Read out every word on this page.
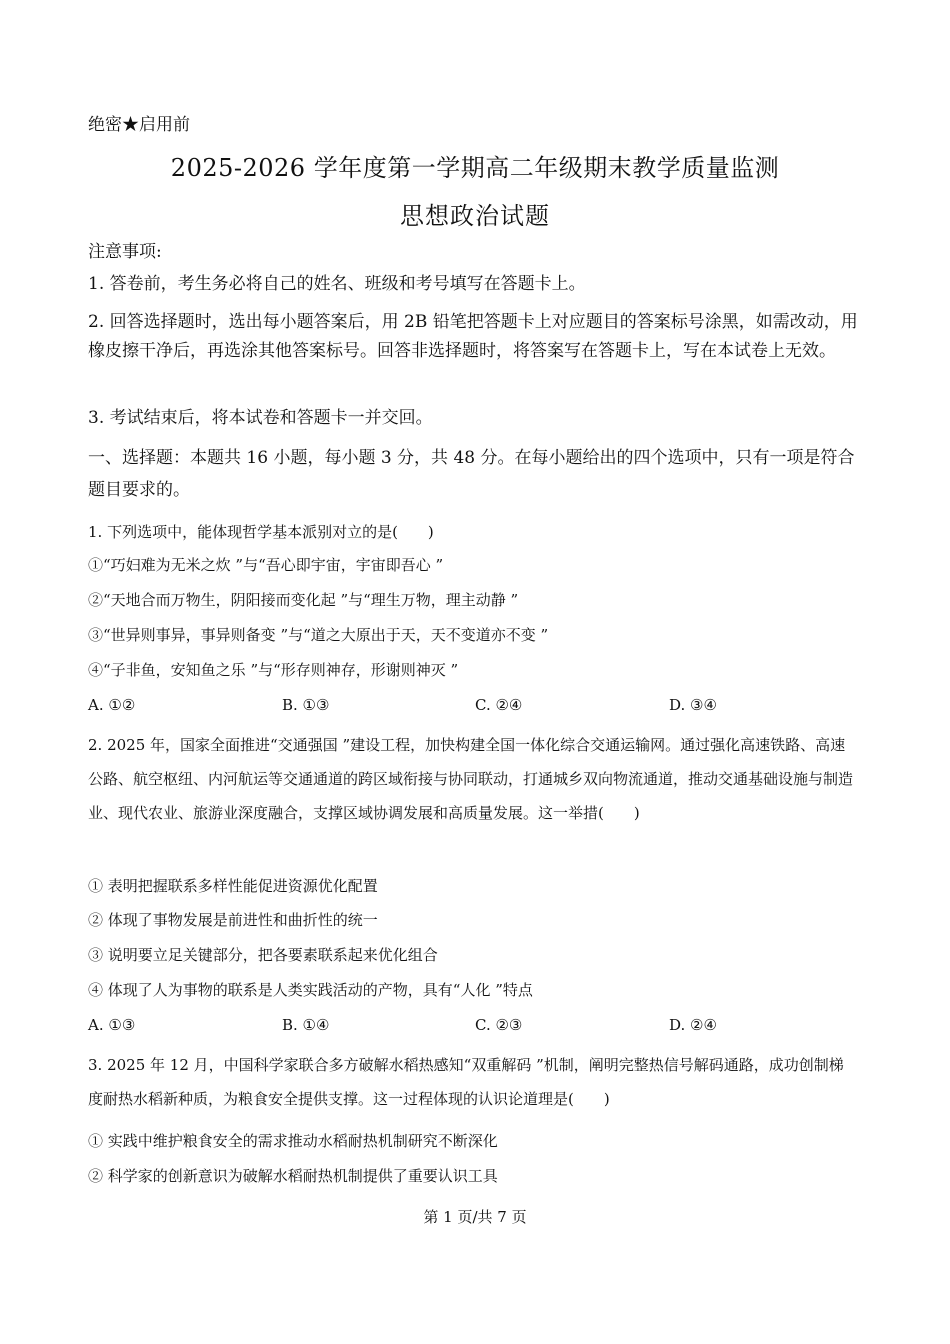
绝密★启用前
2025-2026 学年度第一学期高二年级期末教学质量监测
思想政治试题
注意事项:
1. 答卷前，考生务必将自己的姓名、班级和考号填写在答题卡上。
2. 回答选择题时，选出每小题答案后，用 2B 铅笔把答题卡上对应题目的答案标号涂黑，如需改动，用橡皮擦干净后，再选涂其他答案标号。回答非选择题时，将答案写在答题卡上，写在本试卷上无效。
3. 考试结束后，将本试卷和答题卡一并交回。
一、选择题：本题共 16 小题，每小题 3 分，共 48 分。在每小题给出的四个选项中，只有一项是符合题目要求的。
1. 下列选项中，能体现哲学基本派别对立的是(　　)
①“巧妇难为无米之炊 ”与“吾心即宇宙，宇宙即吾心 ”
②“天地合而万物生，阴阳接而变化起 ”与“理生万物，理主动静 ”
③“世异则事异，事异则备变 ”与“道之大原出于天，天不变道亦不变 ”
④“子非鱼，安知鱼之乐 ”与“形存则神存，形谢则神灭 ”
A. ①②	B. ①③	C. ②④	D. ③④
2. 2025 年，国家全面推进“交通强国 ”建设工程，加快构建全国一体化综合交通运输网。通过强化高速铁路、高速公路、航空枢纽、内河航运等交通通道的跨区域衔接与协同联动，打通城乡双向物流通道，推动交通基础设施与制造业、现代农业、旅游业深度融合，支撑区域协调发展和高质量发展。这一举措(　　)
① 表明把握联系多样性能促进资源优化配置
② 体现了事物发展是前进性和曲折性的统一
③ 说明要立足关键部分，把各要素联系起来优化组合
④ 体现了人为事物的联系是人类实践活动的产物，具有“人化 ”特点
A. ①③	B. ①④	C. ②③	D. ②④
3. 2025 年 12 月，中国科学家联合多方破解水稻热感知“双重解码 ”机制，阐明完整热信号解码通路，成功创制梯度耐热水稻新种质，为粮食安全提供支撑。这一过程体现的认识论道理是(　　)
① 实践中维护粮食安全的需求推动水稻耐热机制研究不断深化
② 科学家的创新意识为破解水稻耐热机制提供了重要认识工具
第 1 页/共 7 页
